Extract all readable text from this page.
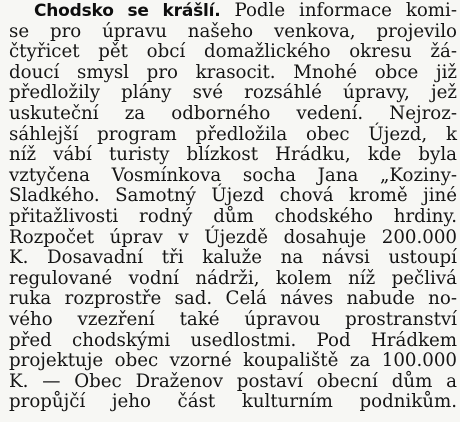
Chodsko se krášlí. Podle informace komi-
se pro úpravu našeho venkova, projevilo
čtyřicet pět obcí domažlického okresu žá-
doucí smysl pro krasocit. Mnohé obce již
předložily plány své rozsáhlé úpravy, jež
uskuteční za odborného vedení. Nejroz-
sáhlejší program předložila obec Újezd, k
níž vábí turisty blízkost Hrádku, kde byla
vztyčena Vosmínkova socha Jana „Koziny-
Sladkého. Samotný Újezd chová kromě jiné
přitažlivosti rodný dům chodského hrdiny.
Rozpočet úprav v Újezdě dosahuje 200.000
K. Dosavadní tři kaluže na návsi ustoupí
regulované vodní nádrži, kolem níž pečlivá
ruka rozprostře sad. Celá náves nabude no-
vého vzezření také úpravou prostranství
před chodskými usedlostmi. Pod Hrádkem
projektuje obec vzorné koupaliště za 100.000
K. — Obec Draženov postaví obecní dům a
propůjčí jeho část kulturním podnikům.
